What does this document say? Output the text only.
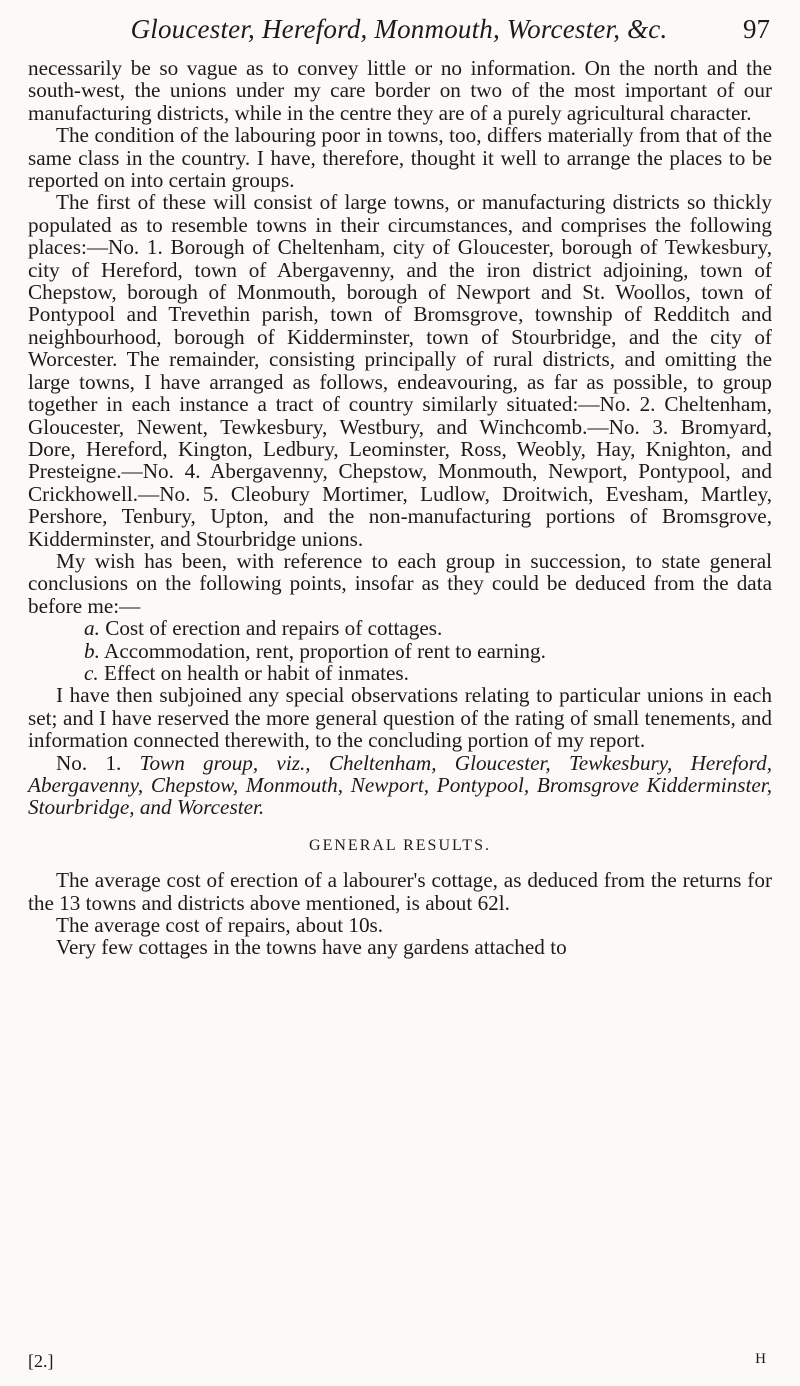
Gloucester, Hereford, Monmouth, Worcester, &c.	97

necessarily be so vague as to convey little or no information. On the north and the south-west, the unions under my care border on two of the most important of our manufacturing districts, while in the centre they are of a purely agricultural character.

The condition of the labouring poor in towns, too, differs materially from that of the same class in the country. I have, therefore, thought it well to arrange the places to be reported on into certain groups.

The first of these will consist of large towns, or manufacturing districts so thickly populated as to resemble towns in their circumstances, and comprises the following places:—No. 1. Borough of Cheltenham, city of Gloucester, borough of Tewkesbury, city of Hereford, town of Abergavenny, and the iron district adjoining, town of Chepstow, borough of Monmouth, borough of Newport and St. Woollos, town of Pontypool and Trevethin parish, town of Bromsgrove, township of Redditch and neighbourhood, borough of Kidderminster, town of Stourbridge, and the city of Worcester. The remainder, consisting principally of rural districts, and omitting the large towns, I have arranged as follows, endeavouring, as far as possible, to group together in each instance a tract of country similarly situated:—No. 2. Cheltenham, Gloucester, Newent, Tewkesbury, Westbury, and Winchcomb.—No. 3. Bromyard, Dore, Hereford, Kington, Ledbury, Leominster, Ross, Weobly, Hay, Knighton, and Presteigne.—No. 4. Abergavenny, Chepstow, Monmouth, Newport, Pontypool, and Crickhowell.—No. 5. Cleobury Mortimer, Ludlow, Droitwich, Evesham, Martley, Pershore, Tenbury, Upton, and the non-manufacturing portions of Bromsgrove, Kidderminster, and Stourbridge unions.

My wish has been, with reference to each group in succession, to state general conclusions on the following points, insofar as they could be deduced from the data before me:—

a. Cost of erection and repairs of cottages.

b. Accommodation, rent, proportion of rent to earning.

c. Effect on health or habit of inmates.

I have then subjoined any special observations relating to particular unions in each set; and I have reserved the more general question of the rating of small tenements, and information connected therewith, to the concluding portion of my report.

No. 1. Town group, viz., Cheltenham, Gloucester, Tewkesbury, Hereford, Abergavenny, Chepstow, Monmouth, Newport, Pontypool, Bromsgrove Kidderminster, Stourbridge, and Worcester.

GENERAL RESULTS.

The average cost of erection of a labourer's cottage, as deduced from the returns for the 13 towns and districts above mentioned, is about 62l.

The average cost of repairs, about 10s.

Very few cottages in the towns have any gardens attached to

[2.]	H
